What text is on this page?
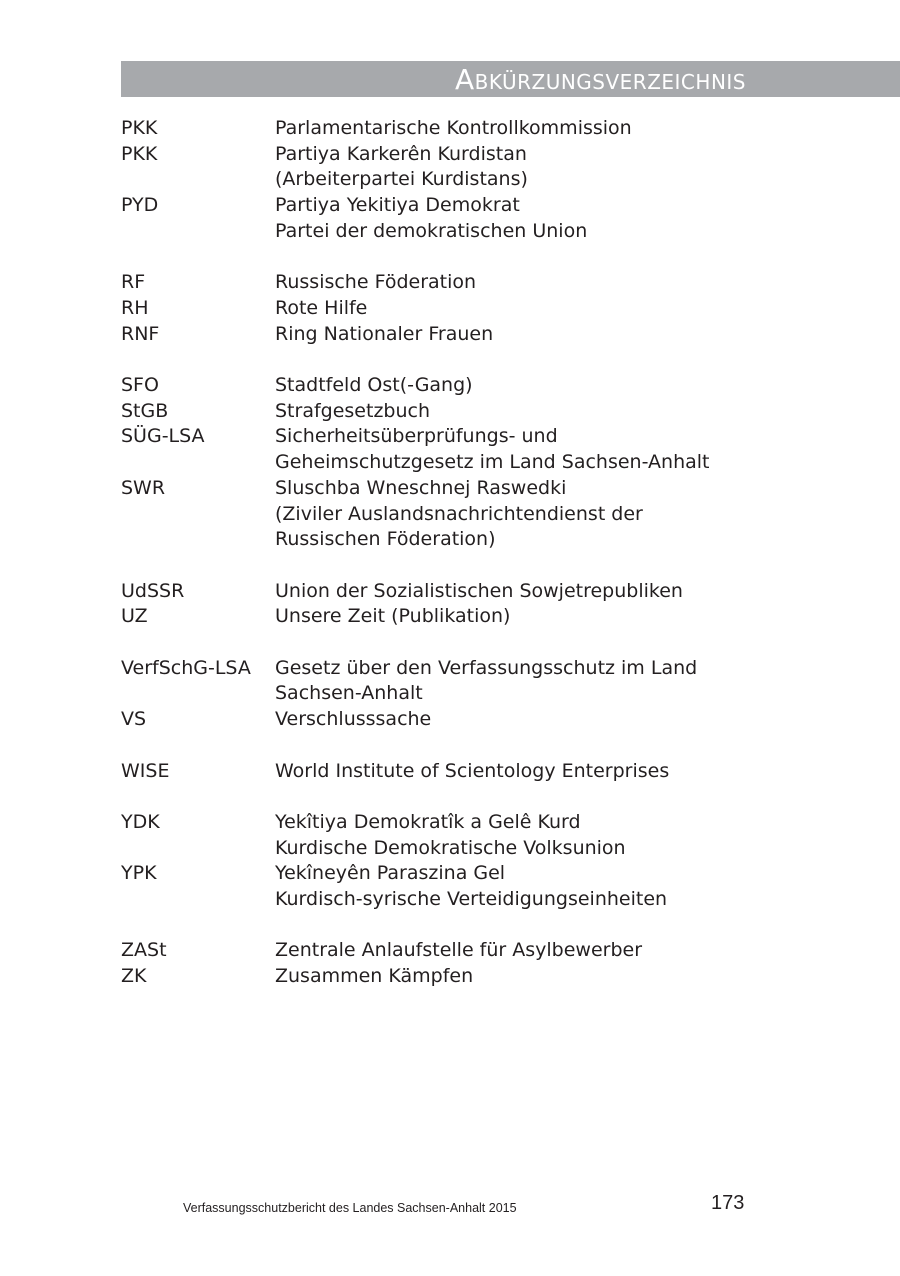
Abkürzungsverzeichnis
PKK	Parlamentarische Kontrollkommission
PKK	Partiya Karkerên Kurdistan
(Arbeiterpartei Kurdistans)
PYD	Partiya Yekitiya Demokrat
Partei der demokratischen Union
RF	Russische Föderation
RH	Rote Hilfe
RNF	Ring Nationaler Frauen
SFO	Stadtfeld Ost(-Gang)
StGB	Strafgesetzbuch
SÜG-LSA	Sicherheitsüberprüfungs- und
Geheimschutzgesetz im Land Sachsen-Anhalt
SWR	Sluschba Wneschnej Raswedki
(Ziviler Auslandsnachrichtendienst der
Russischen Föderation)
UdSSR	Union der Sozialistischen Sowjetrepubliken
UZ	Unsere Zeit (Publikation)
VerfSchG-LSA	Gesetz über den Verfassungsschutz im Land
Sachsen-Anhalt
VS	Verschlusssache
WISE	World Institute of Scientology Enterprises
YDK	Yekîtiya Demokratîk a Gelê Kurd
Kurdische Demokratische Volksunion
YPK	Yekîneyên Paraszina Gel
Kurdisch-syrische Verteidigungseinheiten
ZASt	Zentrale Anlaufstelle für Asylbewerber
ZK	Zusammen Kämpfen
Verfassungsschutzbericht des Landes Sachsen-Anhalt 2015	173
